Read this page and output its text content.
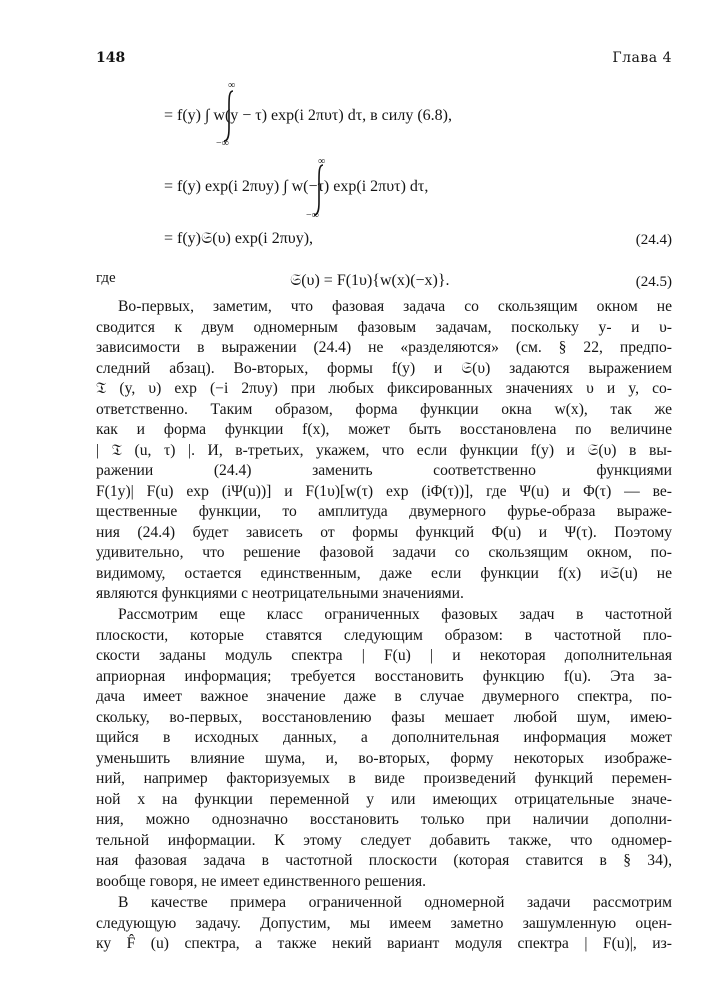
148	Глава 4
∞
−∞
= f(y) ∫ w(y − τ) exp(i 2πυτ) dτ, в силу (6.8),
∞
−∞
= f(y) exp(i 2πυy) ∫ w(−τ) exp(i 2πυτ) dτ,
= f(y)𝔖(υ) exp(i 2πυy),	(24.4)
где	𝔖(υ) = F(1υ){w(x)(−x)}.	(24.5)
Во-первых, заметим, что фазовая задача со скользящим окном не
сводится к двум одномерным фазовым задачам, поскольку y- и υ-
зависимости в выражении (24.4) не «разделяются» (см. § 22, предпо-
следний абзац). Во-вторых, формы f(y) и 𝔖(υ) задаются выражением
𝔗 (y, υ) exp (−i 2πυy) при любых фиксированных значениях υ и y, со-
ответственно. Таким образом, форма функции окна w(x), так же
как и форма функции f(x), может быть восстановлена по величине
| 𝔗 (u, τ) |. И, в-третьих, укажем, что если функции f(y) и 𝔖(υ) в вы-
ражении (24.4) заменить соответственно функциями
F(1y)| F(u) exp (iΨ(u))] и F(1υ)[w(τ) exp (iΦ(τ))], где Ψ(u) и Φ(τ) — ве-
щественные функции, то амплитуда двумерного фурье-образа выраже-
ния (24.4) будет зависеть от формы функций Φ(u) и Ψ(τ). Поэтому
удивительно, что решение фазовой задачи со скользящим окном, по-
видимому, остается единственным, даже если функции f(x) и𝔖(u) не
являются функциями с неотрицательными значениями.
Рассмотрим еще класс ограниченных фазовых задач в частотной
плоскости, которые ставятся следующим образом: в частотной пло-
скости заданы модуль спектра | F(u) | и некоторая дополнительная
априорная информация; требуется восстановить функцию f(u). Эта за-
дача имеет важное значение даже в случае двумерного спектра, по-
скольку, во-первых, восстановлению фазы мешает любой шум, имею-
щийся в исходных данных, а дополнительная информация может
уменьшить влияние шума, и, во-вторых, форму некоторых изображе-
ний, например факторизуемых в виде произведений функций перемен-
ной x на функции переменной y или имеющих отрицательные значе-
ния, можно однозначно восстановить только при наличии дополни-
тельной информации. К этому следует добавить также, что одномер-
ная фазовая задача в частотной плоскости (которая ставится в § 34),
вообще говоря, не имеет единственного решения.
В качестве примера ограниченной одномерной задачи рассмотрим
следующую задачу. Допустим, мы имеем заметно зашумленную оцен-
ку F̂ (u) спектра, а также некий вариант модуля спектра | F(u)|, из-
